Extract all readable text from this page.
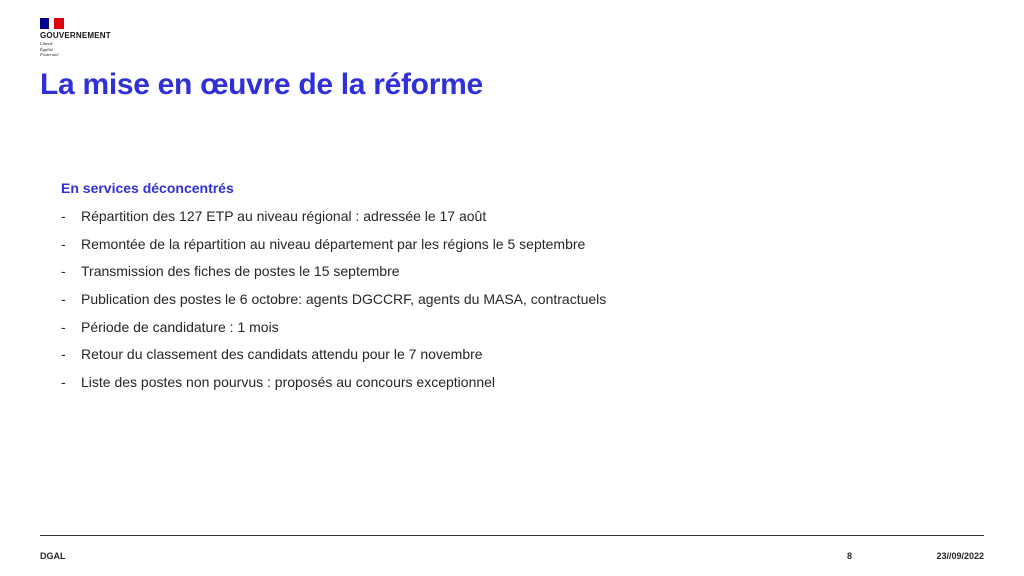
GOUVERNEMENT
Liberté
Égalité
Fraternité
La mise en œuvre de la réforme
En services déconcentrés
- Répartition des 127 ETP au niveau régional : adressée le 17 août
- Remontée de la répartition au niveau département par les régions le 5 septembre
- Transmission des fiches de postes le 15 septembre
- Publication des postes le 6 octobre: agents DGCCRF, agents du MASA, contractuels
- Période de candidature : 1 mois
- Retour du classement des candidats attendu pour le 7 novembre
- Liste des postes non pourvus : proposés au concours exceptionnel
DGAL	8	23//09/2022
